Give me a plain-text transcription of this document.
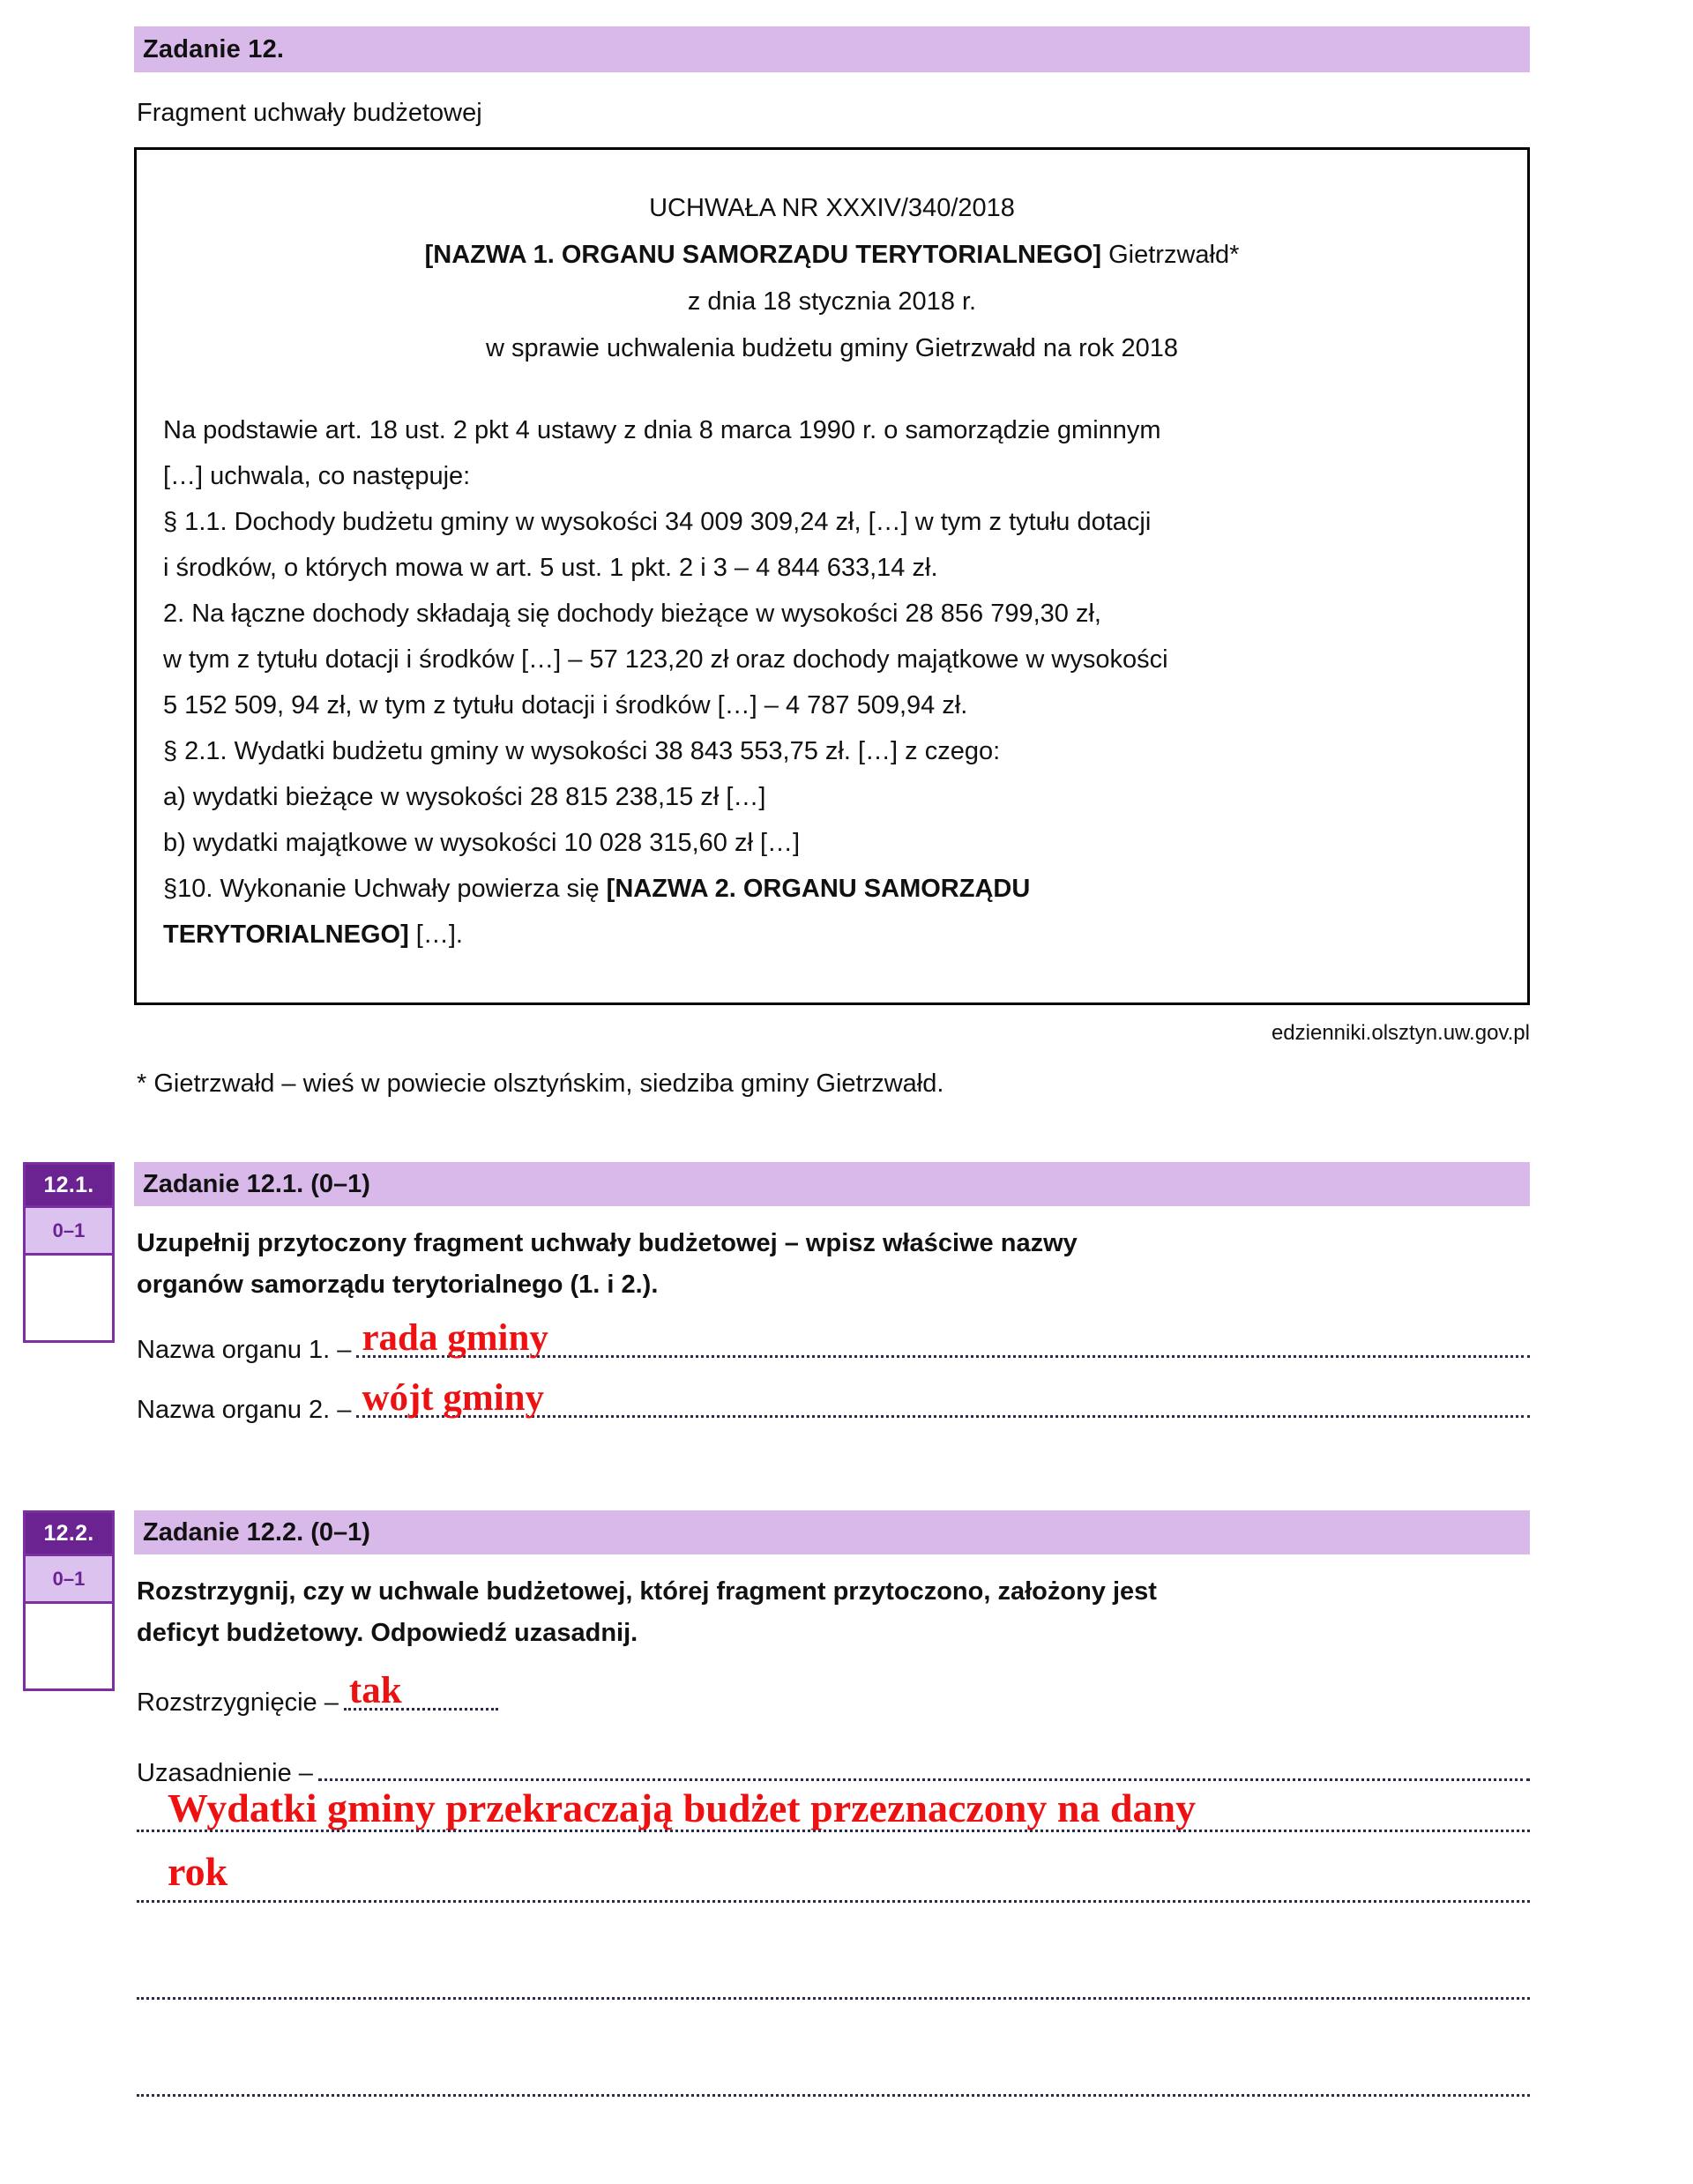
Zadanie 12.
Fragment uchwały budżetowej
UCHWAŁA NR XXXIV/340/2018
[NAZWA 1. ORGANU SAMORZĄDU TERYTORIALNEGO] Gietrzwałd*
z dnia 18 stycznia 2018 r.
w sprawie uchwalenia budżetu gminy Gietrzwałd na rok 2018
Na podstawie art. 18 ust. 2 pkt 4 ustawy z dnia 8 marca 1990 r. o samorządzie gminnym
[…] uchwala, co następuje:
§ 1.1. Dochody budżetu gminy w wysokości 34 009 309,24 zł, […] w tym z tytułu dotacji
i środków, o których mowa w art. 5 ust. 1 pkt. 2 i 3 – 4 844 633,14 zł.
2. Na łączne dochody składają się dochody bieżące w wysokości 28 856 799,30 zł,
w tym z tytułu dotacji i środków […] – 57 123,20 zł oraz dochody majątkowe w wysokości
5 152 509, 94 zł, w tym z tytułu dotacji i środków […] – 4 787 509,94 zł.
§ 2.1. Wydatki budżetu gminy w wysokości 38 843 553,75 zł. […] z czego:
a) wydatki bieżące w wysokości 28 815 238,15 zł […]
b) wydatki majątkowe w wysokości 10 028 315,60 zł […]
§10. Wykonanie Uchwały powierza się [NAZWA 2. ORGANU SAMORZĄDU
TERYTORIALNEGO] […].
edzienniki.olsztyn.uw.gov.pl
* Gietrzwałd – wieś w powiecie olsztyńskim, siedziba gminy Gietrzwałd.
12.1.
0–1
Zadanie 12.1. (0–1)
Uzupełnij przytoczony fragment uchwały budżetowej – wpisz właściwe nazwy
organów samorządu terytorialnego (1. i 2.).
Nazwa organu 1. – rada gminy
Nazwa organu 2. – wójt gminy
12.2.
0–1
Zadanie 12.2. (0–1)
Rozstrzygnij, czy w uchwale budżetowej, której fragment przytoczono, założony jest
deficyt budżetowy. Odpowiedź uzasadnij.
Rozstrzygnięcie – tak
Uzasadnienie –
Wydatki gminy przekraczają budżet przeznaczony na dany
rok
